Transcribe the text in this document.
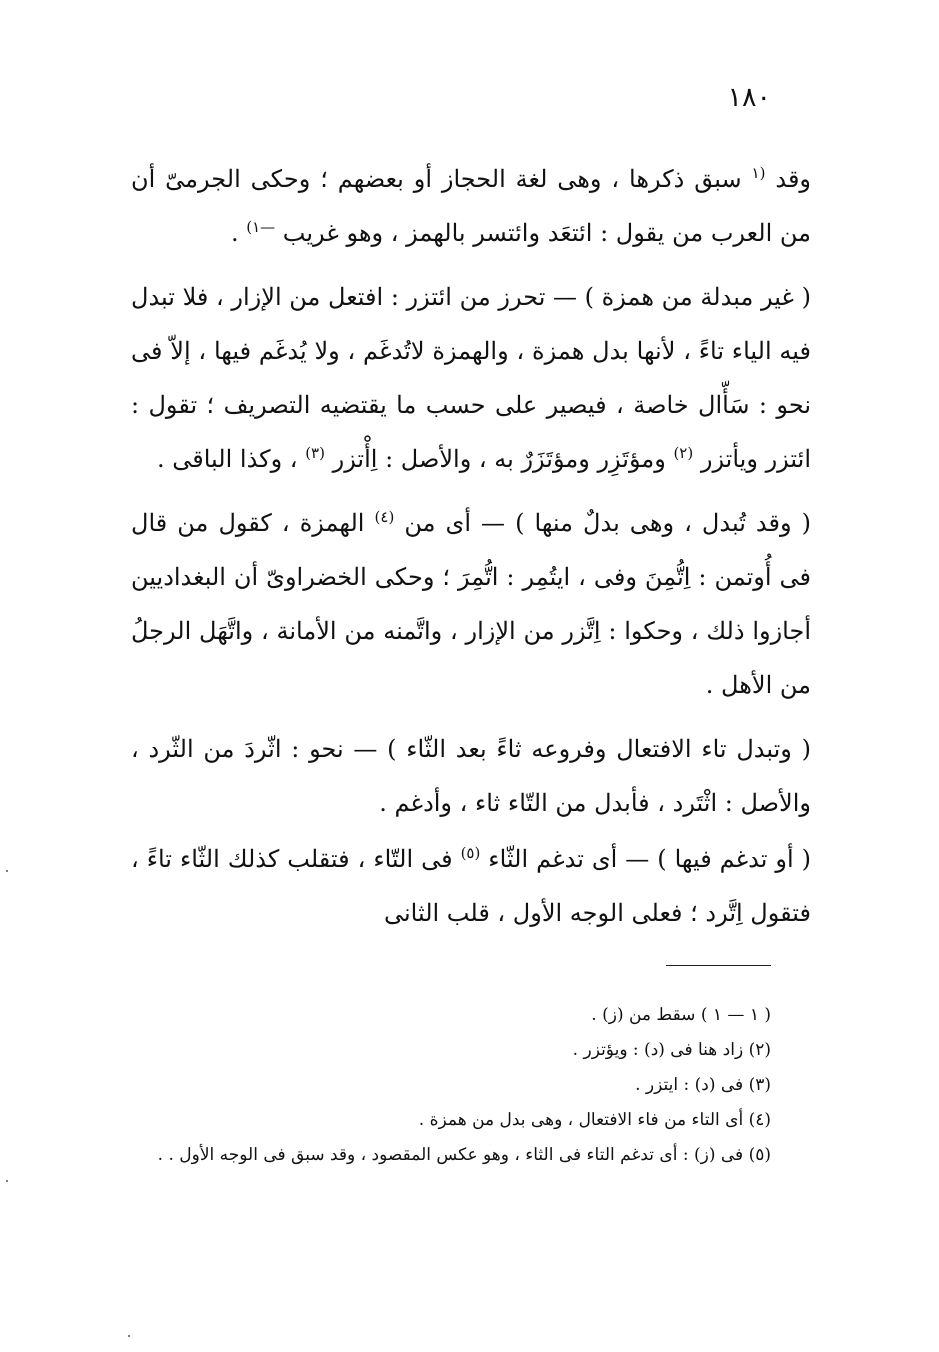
١٨٠

وقد $^{(١}$ سبق ذكرها ، وهى لغة الحجاز أو بعضهم ؛ وحكى الجرمىّ أن من العرب من يقول : ائتعَد وائتسر بالهمز ، وهو غريب $^{—١)}$ .

( غير مبدلة من همزة ) — تحرز من ائتزر : افتعل من الإزار ، فلا تبدل فيه الياء تاءً ، لأنها بدل همزة ، والهمزة لاتُدغَم ، ولا يُدغَم فيها ، إلاّ فى نحو : سَأّال خاصة ، فيصير على حسب ما يقتضيه التصريف ؛ تقول : ائتزر ويأتزر $^{(٢)}$ ومؤتَزِر ومؤتَزَرٌ به ، والأصل : اِأْتزر $^{(٣)}$ ، وكذا الباقى .

( وقد تُبدل ، وهى بدلٌ منها ) — أى من $^{(٤)}$ الهمزة ، كقول من قال فى أُوتمن : اِتُّمِنَ وفى ، ايتُمِر : اتُّمِرَ ؛ وحكى الخضراوىّ أن البغداديين أجازوا ذلك ، وحكوا : اِتَّزر من الإزار ، واتَّمنه من الأمانة ، واتَّهَل الرجلُ من الأهل .

( وتبدل تاء الافتعال وفروعه ثاءً بعد الثّاء ) — نحو : اثّردَ من الثّرد ، والأصل : اثْتَرد ، فأبدل من التّاء ثاء ، وأدغم .

( أو تدغم فيها ) — أى تدغم الثّاء $^{(٥)}$ فى التّاء ، فتقلب كذلك الثّاء تاءً ، فتقول اِتَّرد ؛ فعلى الوجه الأول ، قلب الثانى

( ١ — ١ ) سقط من (ز) .

(٢) زاد هنا فى (د) : ويؤتزر .

(٣) فى (د) : ايتزر .

(٤) أى التاء من فاء الافتعال ، وهى بدل من همزة .

(٥) فى (ز) : أى تدغم التاء فى الثاء ، وهو عكس المقصود ، وقد سبق فى الوجه الأول . .
